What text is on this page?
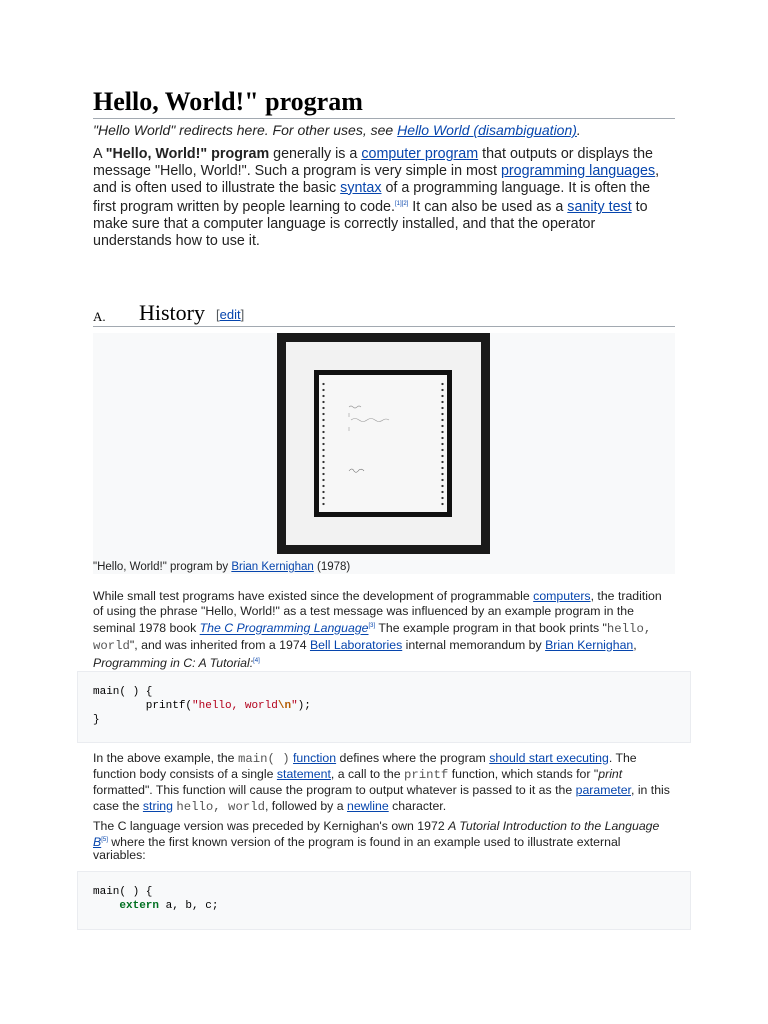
Hello, World!" program
"Hello World" redirects here. For other uses, see Hello World (disambiguation).
A "Hello, World!" program generally is a computer program that outputs or displays the message "Hello, World!". Such a program is very simple in most programming languages, and is often used to illustrate the basic syntax of a programming language. It is often the first program written by people learning to code.[1][2] It can also be used as a sanity test to make sure that a computer language is correctly installed, and that the operator understands how to use it.
A. History [edit]
"Hello, World!" program by Brian Kernighan (1978)
While small test programs have existed since the development of programmable computers, the tradition of using the phrase "Hello, World!" as a test message was influenced by an example program in the seminal 1978 book The C Programming Language[3] The example program in that book prints "hello, world", and was inherited from a 1974 Bell Laboratories internal memorandum by Brian Kernighan, Programming in C: A Tutorial:[4]
main( ) {
printf("hello, world\n");
}
In the above example, the main( ) function defines where the program should start executing. The function body consists of a single statement, a call to the printf function, which stands for "print formatted". This function will cause the program to output whatever is passed to it as the parameter, in this case the string hello, world, followed by a newline character.
The C language version was preceded by Kernighan's own 1972 A Tutorial Introduction to the Language B[5] where the first known version of the program is found in an example used to illustrate external variables:
main( ) {
extern a, b, c;
